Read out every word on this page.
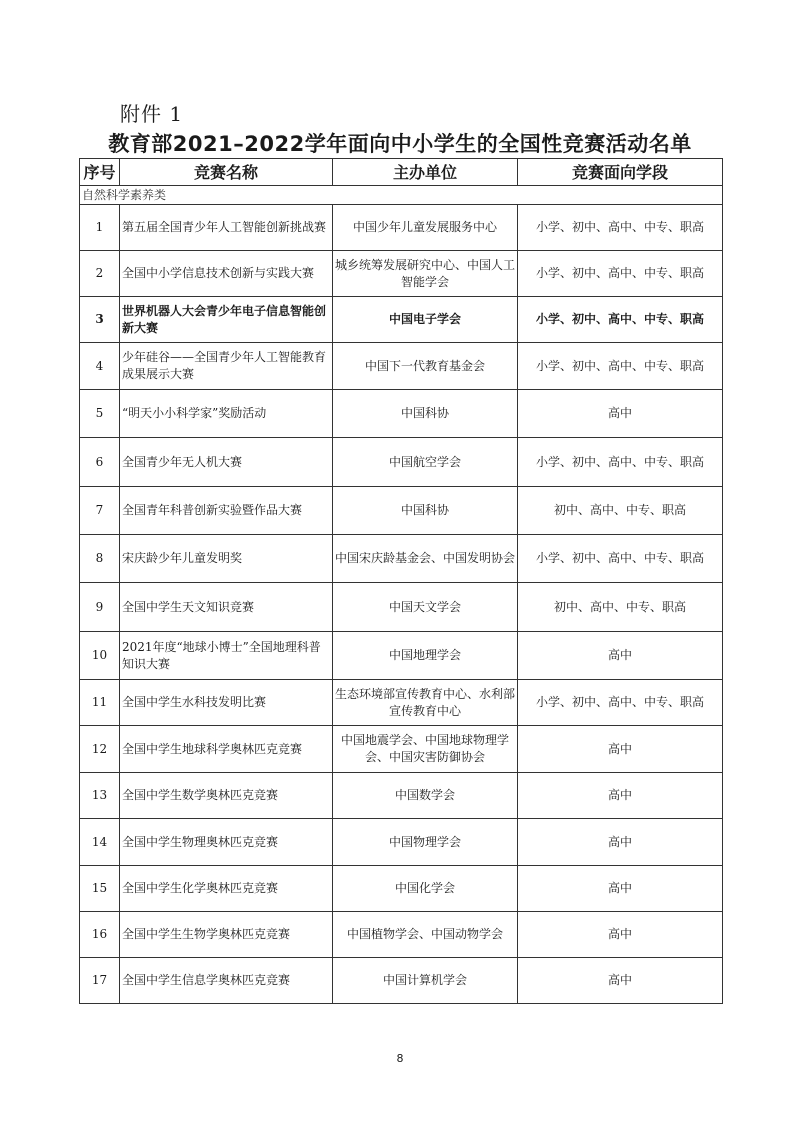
附件 1
教育部2021–2022学年面向中小学生的全国性竞赛活动名单
序号	竞赛名称	主办单位	竞赛面向学段
自然科学素养类			
1	第五届全国青少年人工智能创新挑战赛	中国少年儿童发展服务中心	小学、初中、高中、中专、职高
2	全国中小学信息技术创新与实践大赛	城乡统筹发展研究中心、中国人工智能学会	小学、初中、高中、中专、职高
3	世界机器人大会青少年电子信息智能创新大赛	中国电子学会	小学、初中、高中、中专、职高
4	少年硅谷——全国青少年人工智能教育成果展示大赛	中国下一代教育基金会	小学、初中、高中、中专、职高
5	“明天小小科学家”奖励活动	中国科协	高中
6	全国青少年无人机大赛	中国航空学会	小学、初中、高中、中专、职高
7	全国青年科普创新实验暨作品大赛	中国科协	初中、高中、中专、职高
8	宋庆龄少年儿童发明奖	中国宋庆龄基金会、中国发明协会	小学、初中、高中、中专、职高
9	全国中学生天文知识竞赛	中国天文学会	初中、高中、中专、职高
10	2021年度“地球小博士”全国地理科普知识大赛	中国地理学会	高中
11	全国中学生水科技发明比赛	生态环境部宣传教育中心、水利部宣传教育中心	小学、初中、高中、中专、职高
12	全国中学生地球科学奥林匹克竞赛	中国地震学会、中国地球物理学会、中国灾害防御协会	高中
13	全国中学生数学奥林匹克竞赛	中国数学会	高中
14	全国中学生物理奥林匹克竞赛	中国物理学会	高中
15	全国中学生化学奥林匹克竞赛	中国化学会	高中
16	全国中学生生物学奥林匹克竞赛	中国植物学会、中国动物学会	高中
17	全国中学生信息学奥林匹克竞赛	中国计算机学会	高中
8
